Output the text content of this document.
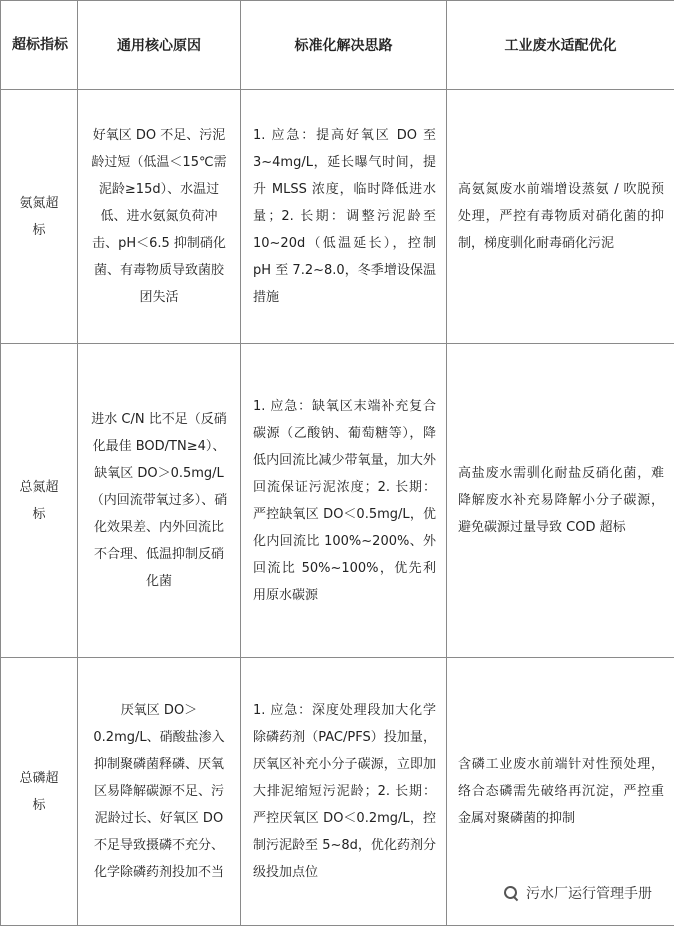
超标指标	通用核心原因	标准化解决思路	工业废水适配优化

氨氮超标	好氧区 DO 不足、污泥龄过短（低温＜15℃需泥龄≥15d）、水温过低、进水氨氮负荷冲击、pH＜6.5 抑制硝化菌、有毒物质导致菌胶团失活	1. 应急：提高好氧区 DO 至 3~4mg/L，延长曝气时间，提升 MLSS 浓度，临时降低进水量；2. 长期：调整污泥龄至 10~20d（低温延长），控制 pH 至 7.2~8.0，冬季增设保温措施	高氨氮废水前端增设蒸氨 / 吹脱预处理，严控有毒物质对硝化菌的抑制，梯度驯化耐毒硝化污泥

总氮超标	进水 C/N 比不足（反硝化最佳 BOD/TN≥4）、缺氧区 DO＞0.5mg/L（内回流带氧过多）、硝化效果差、内外回流比不合理、低温抑制反硝化菌	1. 应急：缺氧区末端补充复合碳源（乙酸钠、葡萄糖等），降低内回流比减少带氧量，加大外回流保证污泥浓度；2. 长期：严控缺氧区 DO＜0.5mg/L，优化内回流比 100%~200%、外回流比 50%~100%，优先利用原水碳源	高盐废水需驯化耐盐反硝化菌，难降解废水补充易降解小分子碳源，避免碳源过量导致 COD 超标

总磷超标	厌氧区 DO＞0.2mg/L、硝酸盐渗入抑制聚磷菌释磷、厌氧区易降解碳源不足、污泥龄过长、好氧区 DO 不足导致摄磷不充分、化学除磷药剂投加不当	1. 应急：深度处理段加大化学除磷药剂（PAC/PFS）投加量，厌氧区补充小分子碳源，立即加大排泥缩短污泥龄；2. 长期：严控厌氧区 DO＜0.2mg/L，控制污泥龄至 5~8d，优化药剂分级投加点位	含磷工业废水前端针对性预处理，络合态磷需先破络再沉淀，严控重金属对聚磷菌的抑制
污水厂运行管理手册
